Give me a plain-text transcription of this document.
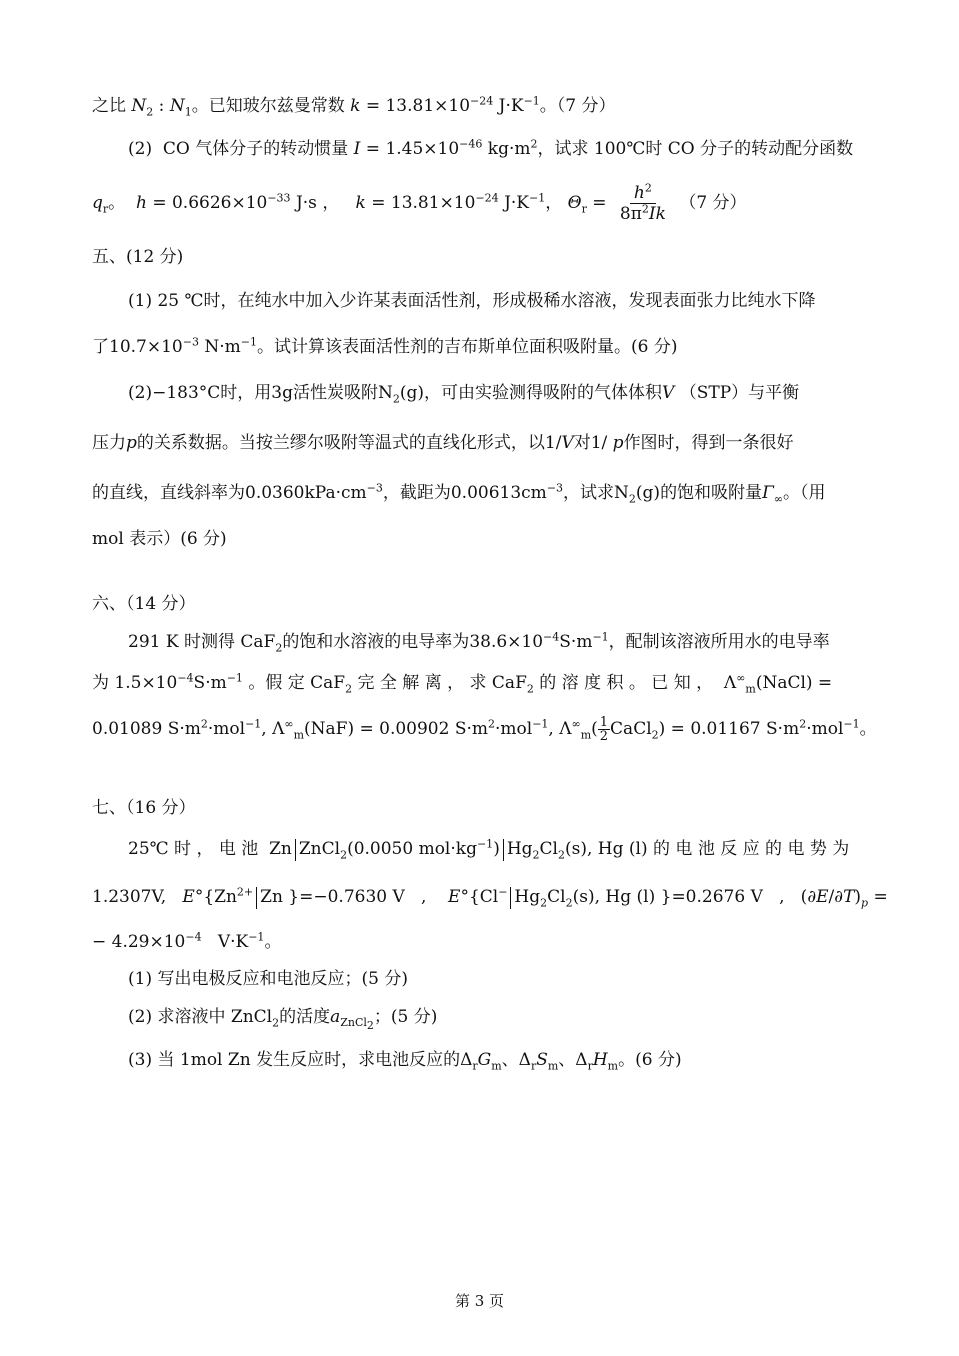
之比 $N_2$ : $N_1$。已知玻尔兹曼常数 $k = 13.81\times 10^{-24}$ $J\cdot K^{-1}$。（7 分）
(2) CO 气体分子的转动惯量 $I = 1.45\times 10^{-46}$ $kg\cdot m^2$，试求 100℃时 CO 分子的转动配分函数
$q_r$。 $h = 0.6626\times 10^{-33}$ J·s ，   $k = 13.81\times 10^{-24}$ $J\cdot K^{-1}$， $\Theta_r = \frac{h^2}{8\pi^2Ik} (7$ 分）
五、(12 分)
(1) 25 ℃时，在纯水中加入少许某表面活性剂，形成极稀水溶液，发现表面张力比纯水下降
了$10.7\times 10^{-3}$ $N\cdot m^{-1}$。试计算该表面活性剂的吉布斯单位面积吸附量。(6 分)
(2)−183°C时，用3g活性炭吸附$N_2(g)$，可由实验测得吸附的气体体积V （STP）与平衡
压力p的关系数据。当按兰缪尔吸附等温式的直线化形式，以1/V对1/ p作图时，得到一条很好
的直线，直线斜率为$0.0360kPa\cdot cm^{-3}$，截距为$0.00613cm^{-3}$，试求$N_2(g)$的饱和吸附量$\Gamma_\infty$。（用
mol 表示）(6 分)
六、（14 分）
291 K 时测得 CaF$_2$的饱和水溶液的电导率为$38.6\times 10^{-4}S\cdot m^{-1}$，配制该溶液所用水的电导率
为 $1.5\times 10^{-4}S\cdot m^{-1}$ 。假 定 CaF$_2$ 完 全 解 离 ， 求 CaF$_2$ 的 溶 度 积 。 已 知 ，  $\Lambda^\infty_m(NaCl)$ =
0.01089 $S\cdot m^2\cdot mol^{-1}$, $\Lambda^\infty_m(NaF) = 0.00902$ $S\cdot m^2\cdot mol^{-1}$, $\Lambda^\infty_m( \frac{1}{2}$ CaCl$_2$) = 0.01167 $S\cdot m^2\cdot mol^{-1}$。
七、（16 分）
25℃ 时 ， 电 池 Zn ZnCl$_2$(0.0050 $mol\cdot kg^{-1}$) $Hg_2Cl_2(s)$, Hg (l) 的 电 池 反 应 的 电 势 为
1.2307V, $E^\circ\{Zn^{2+}$ Zn }=−0.7630 V   ,    E°{Cl− $Hg_2Cl_2(s)$, Hg (l) }=0.2676 V   ,   $(\partial E/\partial T)_p$ =
− $4.29\times 10^{-4}$ $V\cdot K^{-1}$。
(1) 写出电极反应和电池反应；(5 分)
(2) 求溶液中 ZnCl$_2$的活度$a_{ZnCl_2}$；(5 分)
(3) 当 1mol Zn 发生反应时，求电池反应的$\Delta_rG_m$、$\Delta_rS_m$、$\Delta_rH_m$。(6 分)
第 3 页
